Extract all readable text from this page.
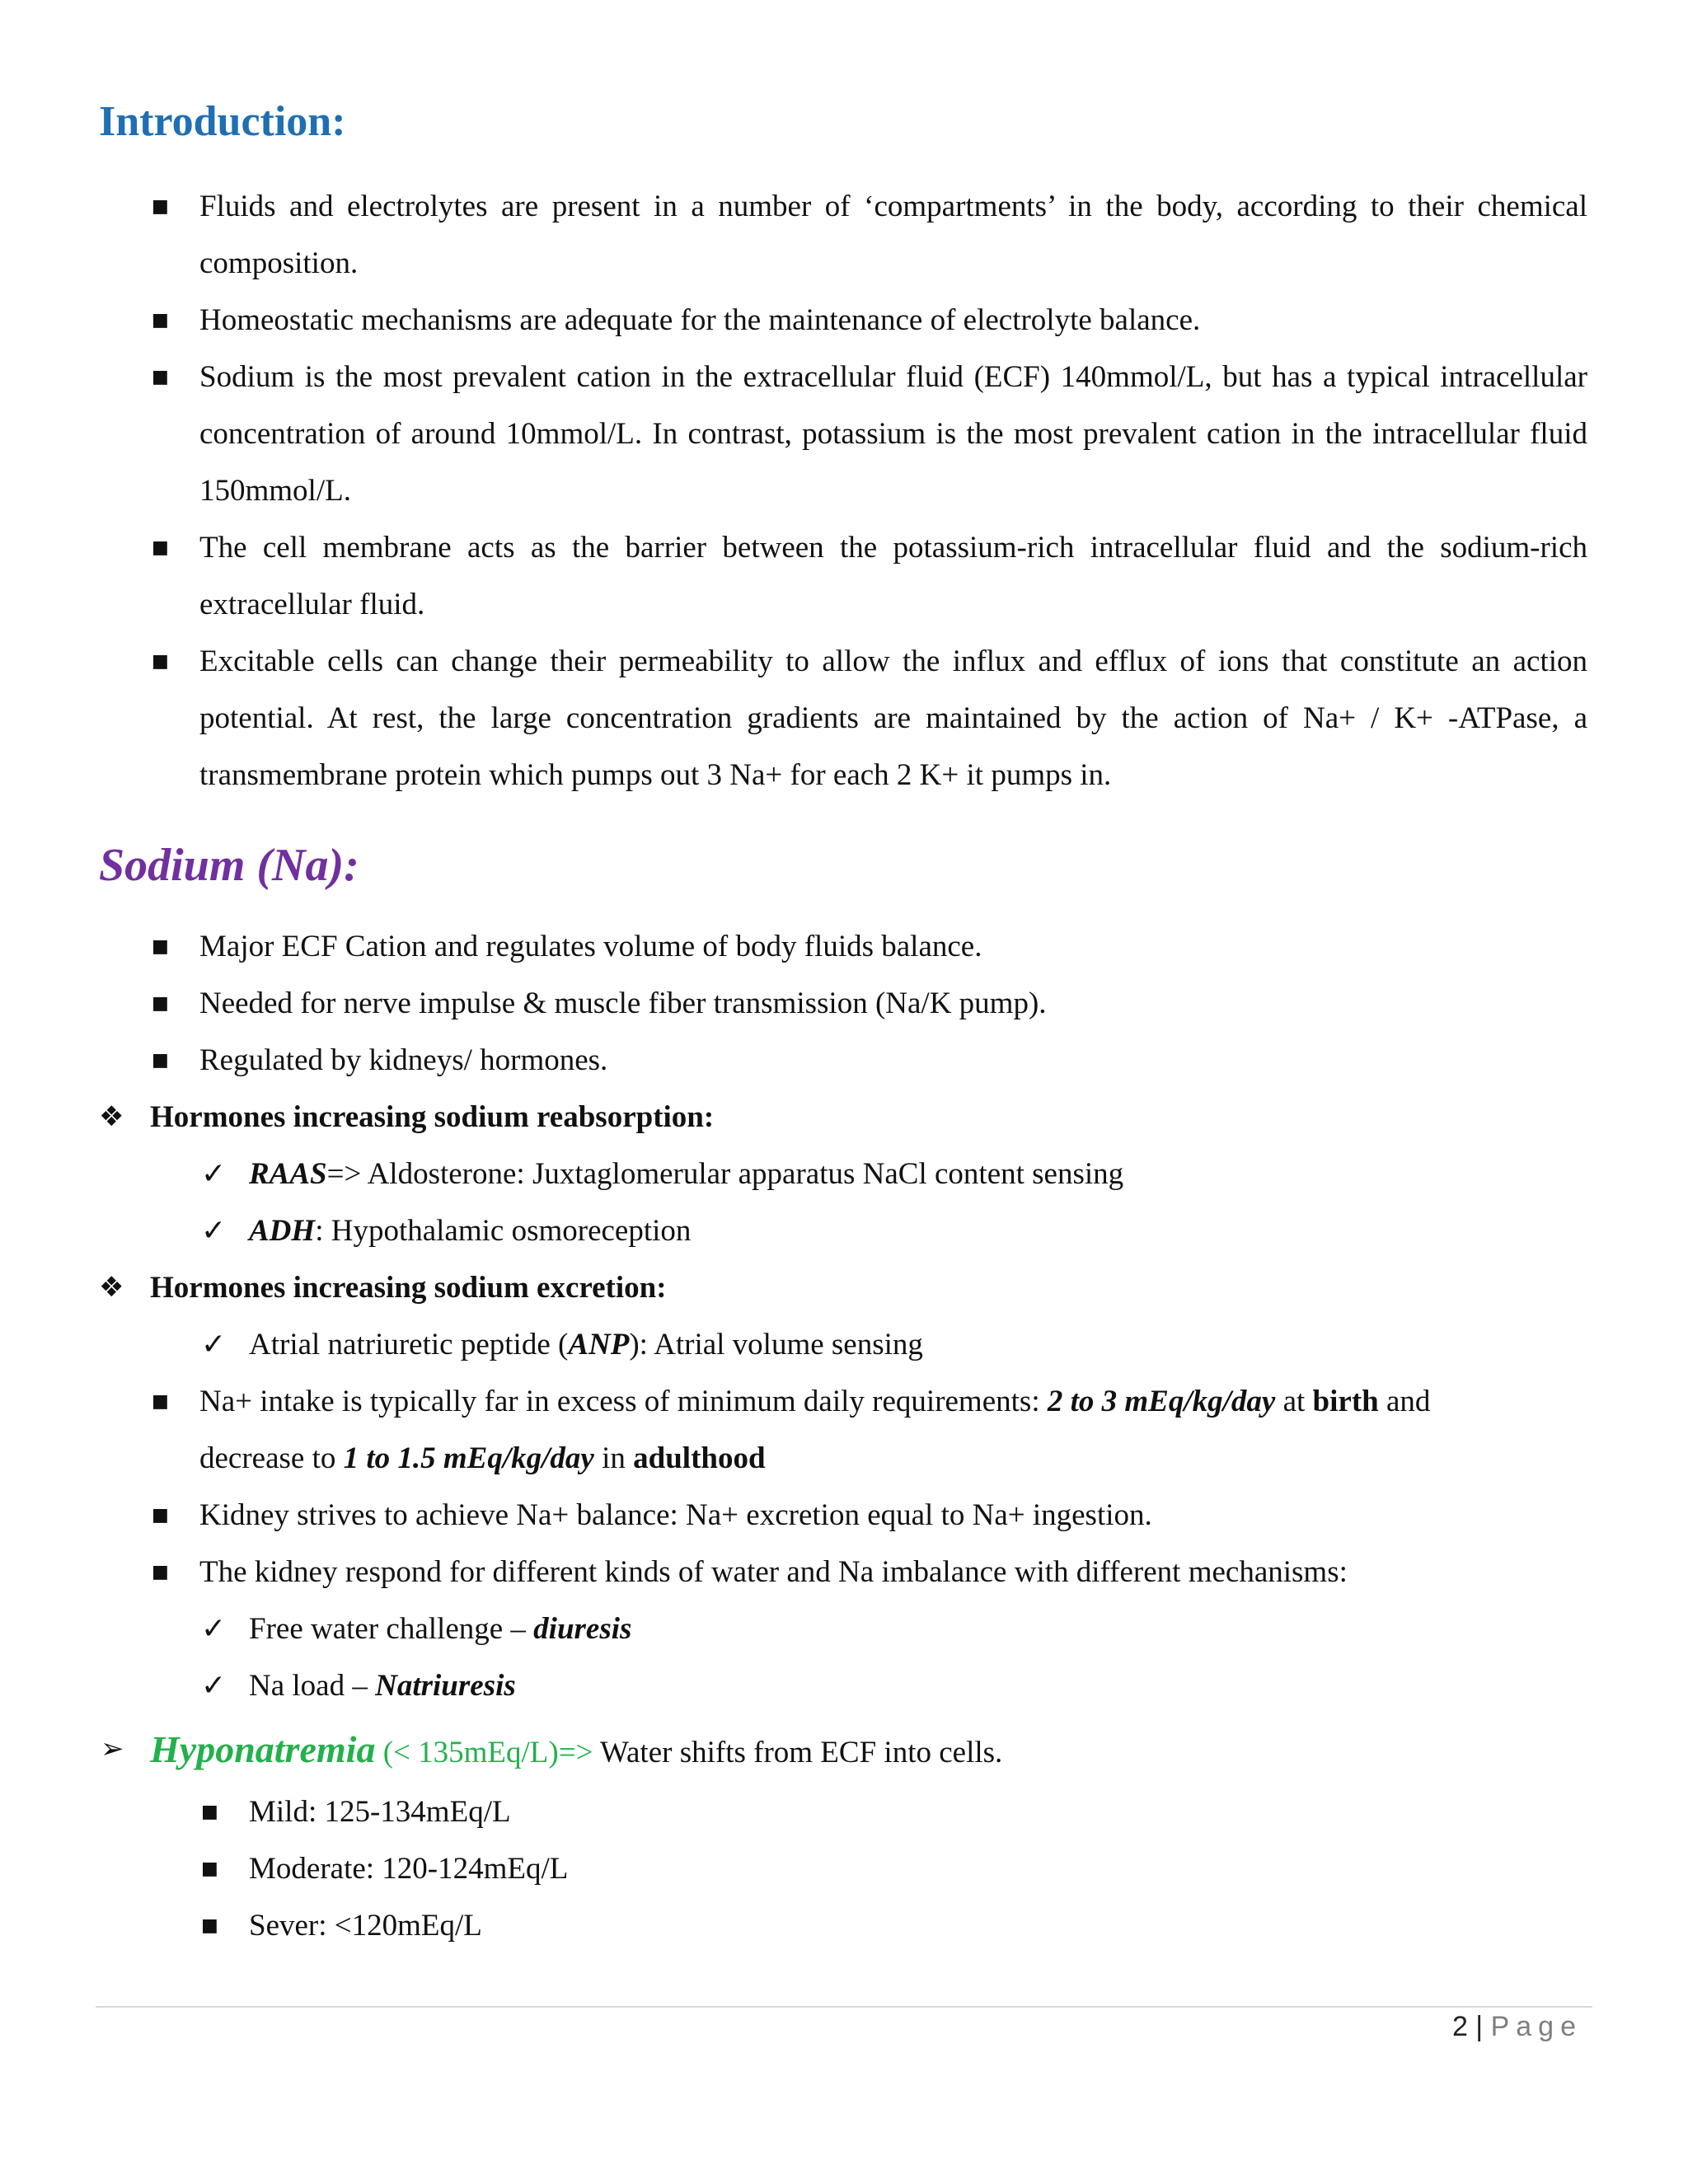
Introduction:
■ Fluids and electrolytes are present in a number of ‘compartments’ in the body, according to their chemical composition.
■ Homeostatic mechanisms are adequate for the maintenance of electrolyte balance.
■ Sodium is the most prevalent cation in the extracellular fluid (ECF) 140mmol/L, but has a typical intracellular concentration of around 10mmol/L. In contrast, potassium is the most prevalent cation in the intracellular fluid 150mmol/L.
■ The cell membrane acts as the barrier between the potassium-rich intracellular fluid and the sodium-rich extracellular fluid.
■ Excitable cells can change their permeability to allow the influx and efflux of ions that constitute an action potential. At rest, the large concentration gradients are maintained by the action of Na+ / K+ -ATPase, a transmembrane protein which pumps out 3 Na+ for each 2 K+ it pumps in.
Sodium (Na):
■ Major ECF Cation and regulates volume of body fluids balance.
■ Needed for nerve impulse & muscle fiber transmission (Na/K pump).
■ Regulated by kidneys/ hormones.
❖ Hormones increasing sodium reabsorption:
✓ RAAS=> Aldosterone: Juxtaglomerular apparatus NaCl content sensing
✓ ADH: Hypothalamic osmoreception
❖ Hormones increasing sodium excretion:
✓ Atrial natriuretic peptide (ANP): Atrial volume sensing
■ Na+ intake is typically far in excess of minimum daily requirements: 2 to 3 mEq/kg/day at birth and
decrease to 1 to 1.5 mEq/kg/day in adulthood
■ Kidney strives to achieve Na+ balance: Na+ excretion equal to Na+ ingestion.
■ The kidney respond for different kinds of water and Na imbalance with different mechanisms:
✓ Free water challenge – diuresis
✓ Na load – Natriuresis
➢ Hyponatremia (< 135mEq/L)=> Water shifts from ECF into cells.
■ Mild: 125-134mEq/L
■ Moderate: 120-124mEq/L
■ Sever: <120mEq/L
2 | Page
